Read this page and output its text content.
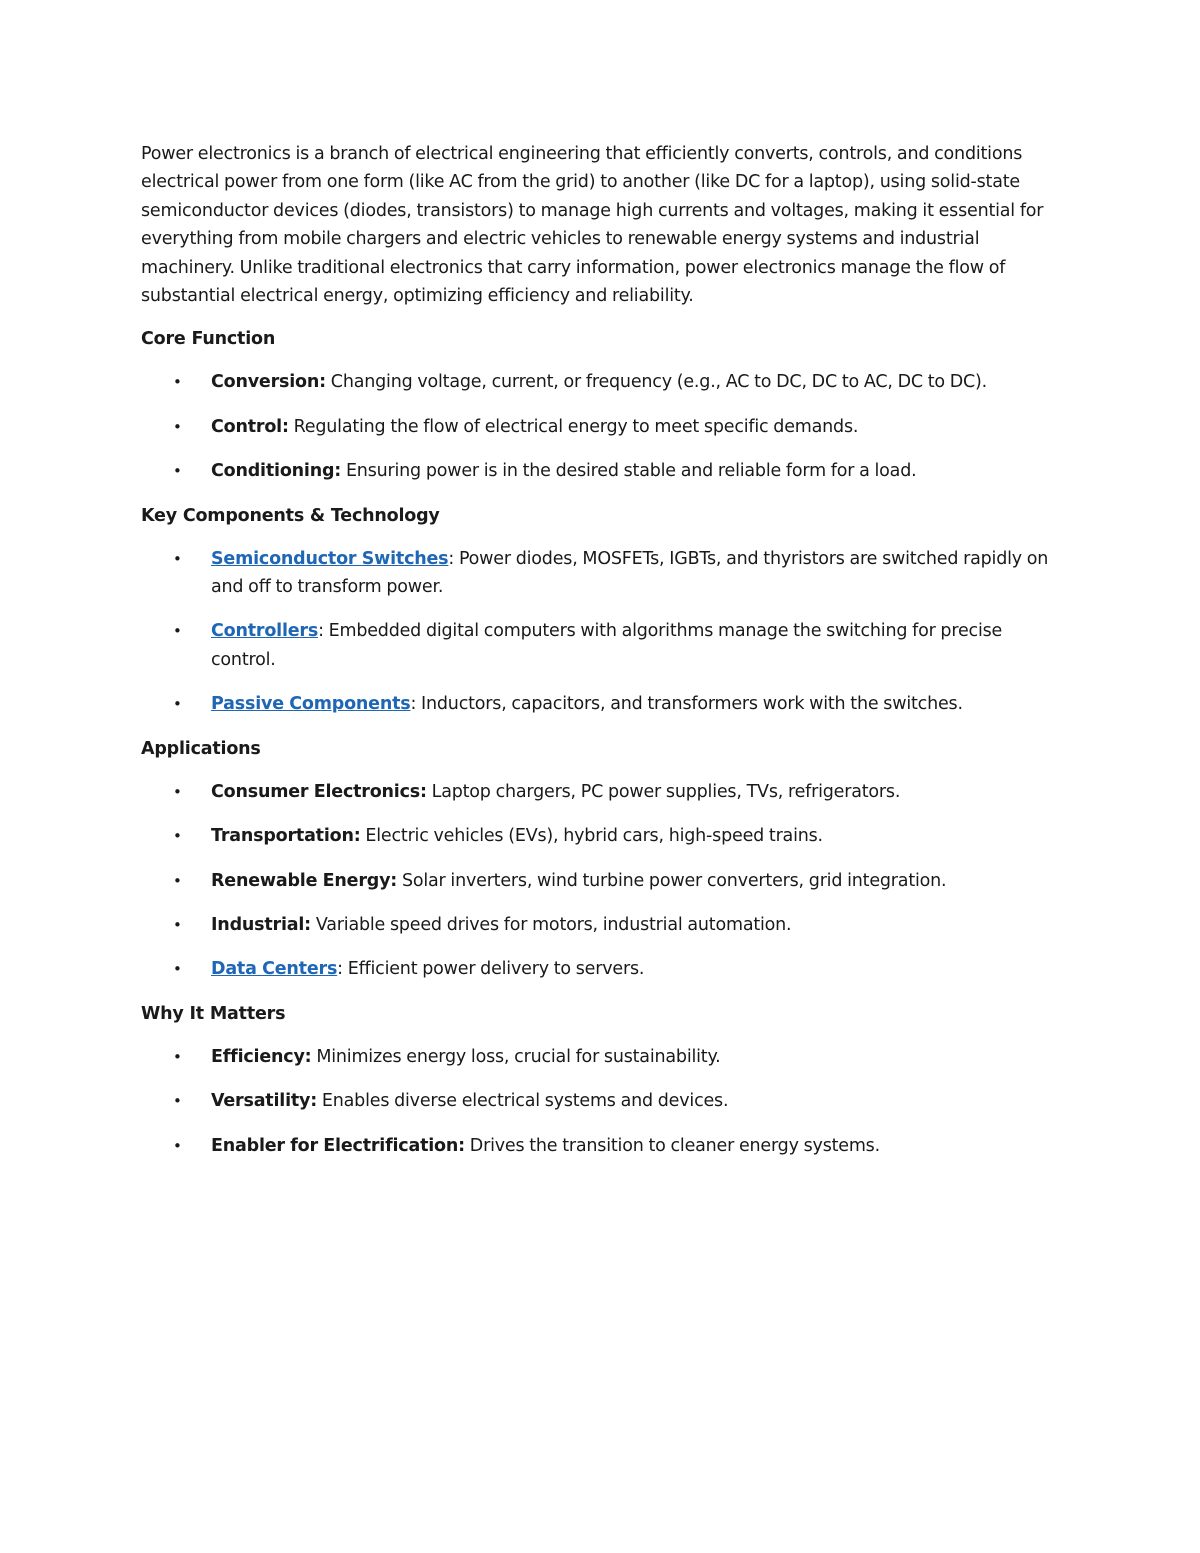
Power electronics is a branch of electrical engineering that efficiently converts, controls, and conditions electrical power from one form (like AC from the grid) to another (like DC for a laptop), using solid-state semiconductor devices (diodes, transistors) to manage high currents and voltages, making it essential for everything from mobile chargers and electric vehicles to renewable energy systems and industrial machinery. Unlike traditional electronics that carry information, power electronics manage the flow of substantial electrical energy, optimizing efficiency and reliability.

Core Function
• Conversion: Changing voltage, current, or frequency (e.g., AC to DC, DC to AC, DC to DC).
• Control: Regulating the flow of electrical energy to meet specific demands.
• Conditioning: Ensuring power is in the desired stable and reliable form for a load.
Key Components & Technology
• Semiconductor Switches: Power diodes, MOSFETs, IGBTs, and thyristors are switched rapidly on and off to transform power.
• Controllers: Embedded digital computers with algorithms manage the switching for precise control.
• Passive Components: Inductors, capacitors, and transformers work with the switches.
Applications
• Consumer Electronics: Laptop chargers, PC power supplies, TVs, refrigerators.
• Transportation: Electric vehicles (EVs), hybrid cars, high-speed trains.
• Renewable Energy: Solar inverters, wind turbine power converters, grid integration.
• Industrial: Variable speed drives for motors, industrial automation.
• Data Centers: Efficient power delivery to servers.
Why It Matters
• Efficiency: Minimizes energy loss, crucial for sustainability.
• Versatility: Enables diverse electrical systems and devices.
• Enabler for Electrification: Drives the transition to cleaner energy systems.
